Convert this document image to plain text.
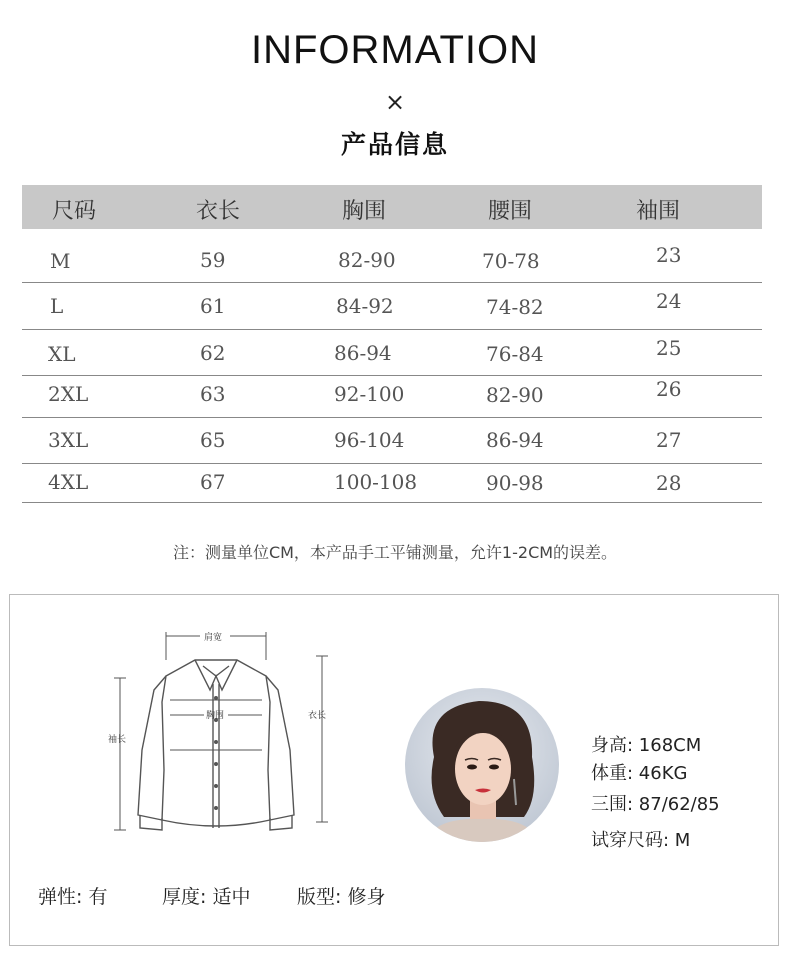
INFORMATION
×
产品信息
尺码	衣长	胸围	腰围	袖围
M	59	82-90	70-78	23
L	61	84-92	74-82	24
XL	62	86-94	76-84	25
2XL	63	92-100	82-90	26
3XL	65	96-104	86-94	27
4XL	67	100-108	90-98	28
注：测量单位CM，本产品手工平铺测量，允许1-2CM的误差。
肩宽
胸围	衣长
袖长	身高: 168CM
体重: 46KG
三围: 87/62/85
试穿尺码: M
弹性: 有	厚度: 适中 版型: 修身
